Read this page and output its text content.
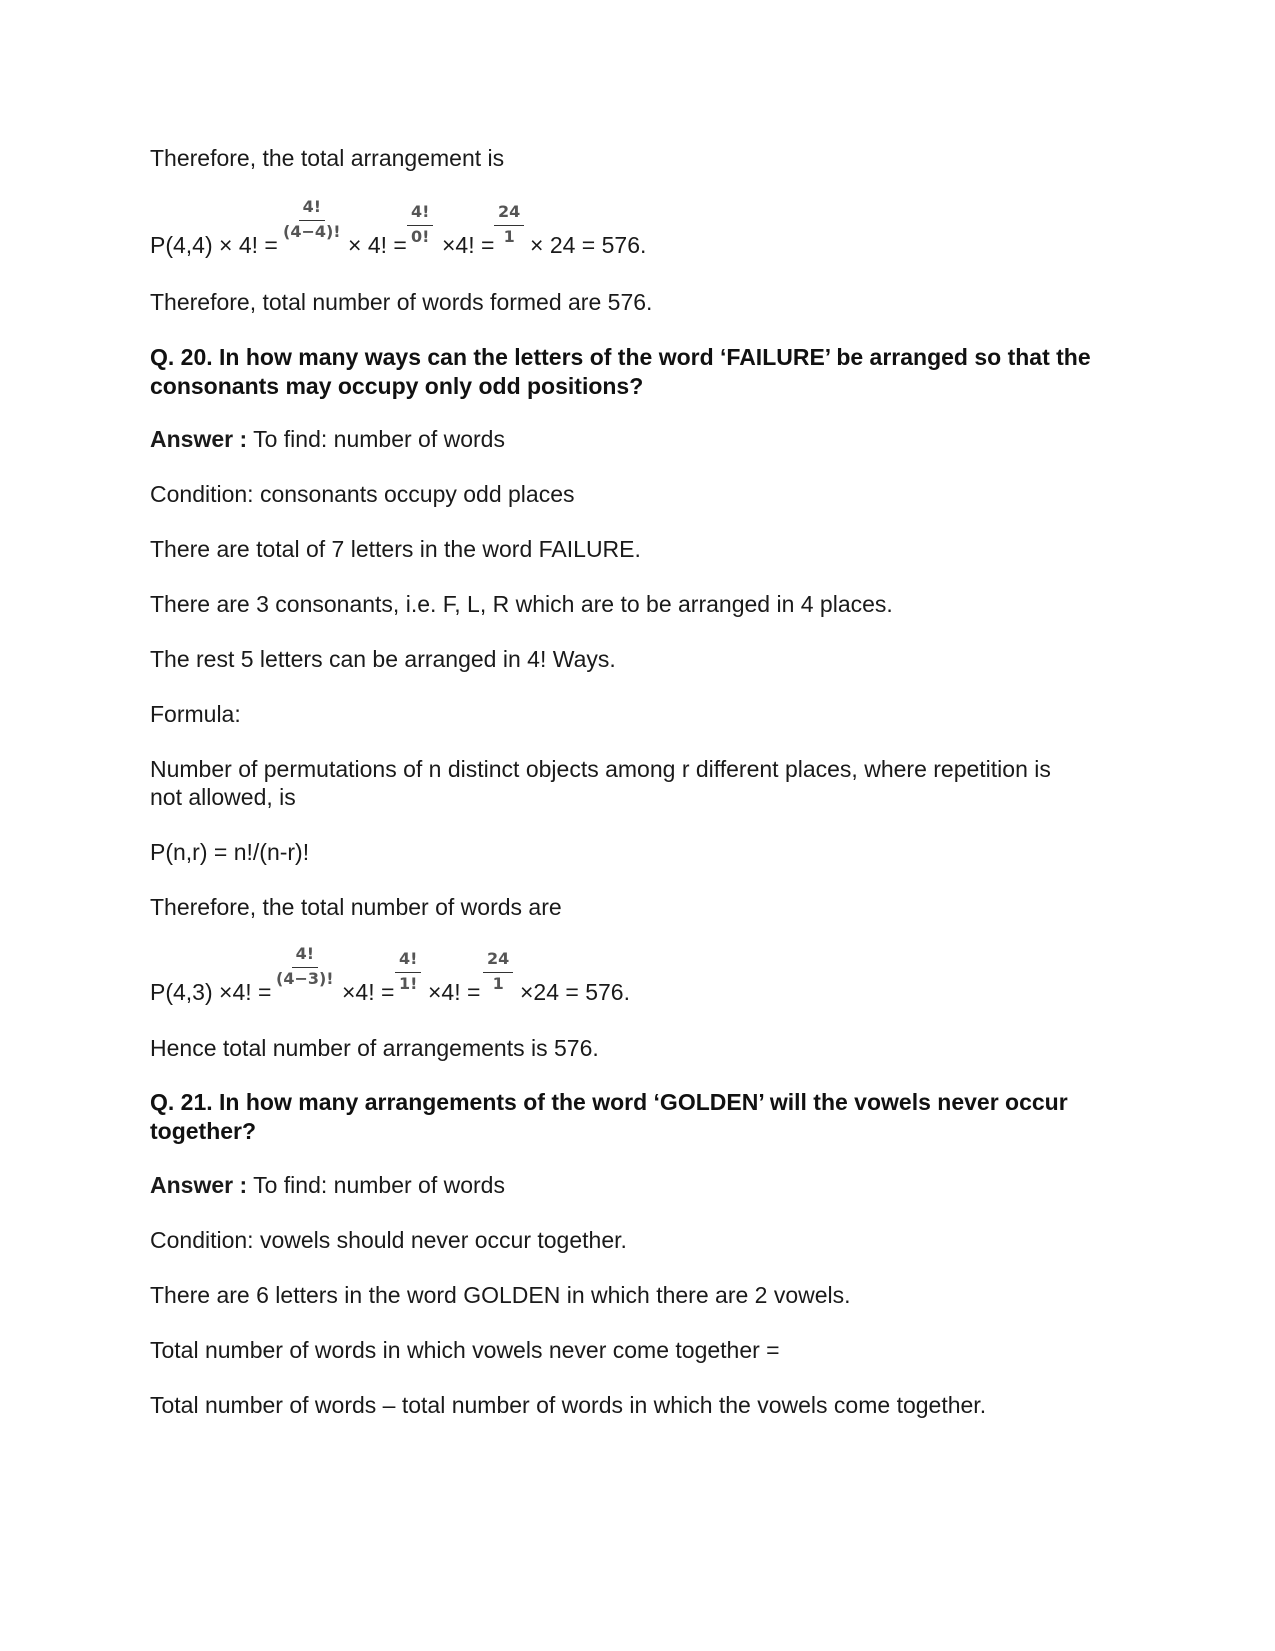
Therefore, the total arrangement is
P(4,4) × 4! =
$\frac{4!}{(4-4)!}$
× 4! = $\frac{4!}{0!} \times 4$! = $\frac{24}{1} \times 24 = 576$.
Therefore, total number of words formed are 576.
Q. 20. In how many ways can the letters of the word ‘FAILURE’ be arranged so that the consonants may occupy only odd positions?
Answer : To find: number of words
Condition: consonants occupy odd places
There are total of 7 letters in the word FAILURE.
There are 3 consonants, i.e. F, L, R which are to be arranged in 4 places.
The rest 5 letters can be arranged in 4! Ways.
Formula:
Number of permutations of n distinct objects among r different places, where repetition is not allowed, is
P(n,r) = n!/(n-r)!
Therefore, the total number of words are
P(4,3) ×4! =
$\frac{4!}{(4-3)!}$
×4! = $\frac{4!}{1!} \times 4$! = $\frac{24}{1} \times 24 = 576$.
Hence total number of arrangements is 576.
Q. 21. In how many arrangements of the word ‘GOLDEN’ will the vowels never occur together?
Answer : To find: number of words
Condition: vowels should never occur together.
There are 6 letters in the word GOLDEN in which there are 2 vowels.
Total number of words in which vowels never come together =
Total number of words – total number of words in which the vowels come together.
